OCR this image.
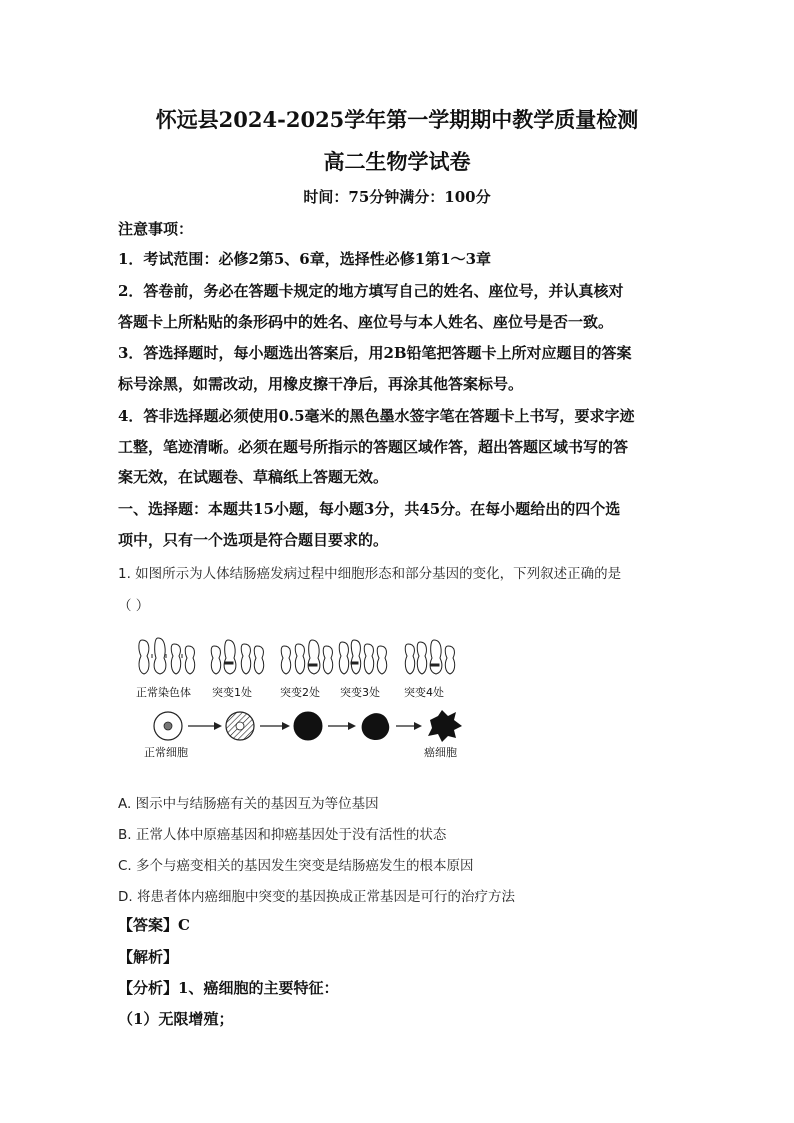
怀远县2024-2025学年第一学期期中教学质量检测
高二生物学试卷
时间：75分钟满分：100分
注意事项：
1．考试范围：必修2第5、6章，选择性必修1第1～3章
2．答卷前，务必在答题卡规定的地方填写自己的姓名、座位号，并认真核对
答题卡上所粘贴的条形码中的姓名、座位号与本人姓名、座位号是否一致。
3．答选择题时，每小题选出答案后，用2B铅笔把答题卡上所对应题目的答案
标号涂黑，如需改动，用橡皮擦干净后，再涂其他答案标号。
4．答非选择题必须使用0.5毫米的黑色墨水签字笔在答题卡上书写，要求字迹
工整，笔迹清晰。必须在题号所指示的答题区域作答，超出答题区域书写的答
案无效，在试题卷、草稿纸上答题无效。
一、选择题：本题共15小题，每小题3分，共45分。在每小题给出的四个选
项中，只有一个选项是符合题目要求的。
1. 如图所示为人体结肠癌发病过程中细胞形态和部分基因的变化，下列叙述正确的是
（ ）
正常染色体 突变1处	突变2处 突变3处 突变4处
正常细胞	癌细胞
A. 图示中与结肠癌有关的基因互为等位基因
B. 正常人体中原癌基因和抑癌基因处于没有活性的状态
C. 多个与癌变相关的基因发生突变是结肠癌发生的根本原因
D. 将患者体内癌细胞中突变的基因换成正常基因是可行的治疗方法
【答案】C
【解析】
【分析】1、癌细胞的主要特征：
（1）无限增殖；
